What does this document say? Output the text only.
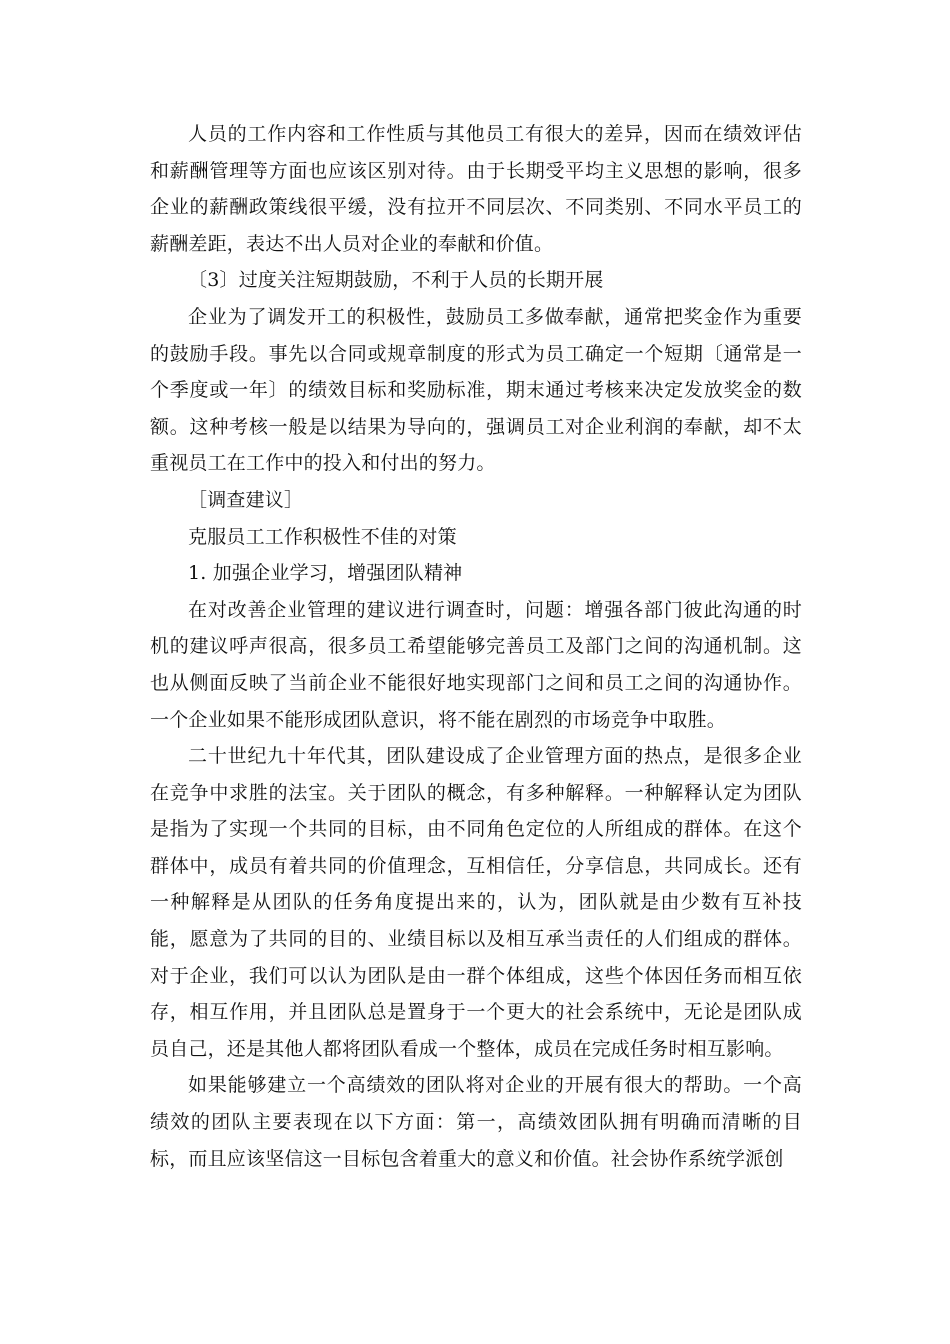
人员的工作内容和工作性质与其他员工有很大的差异，因而在绩效评估和薪酬管理等方面也应该区别对待。由于长期受平均主义思想的影响，很多企业的薪酬政策线很平缓，没有拉开不同层次、不同类别、不同水平员工的薪酬差距，表达不出人员对企业的奉献和价值。

〔3〕过度关注短期鼓励，不利于人员的长期开展

企业为了调发开工的积极性，鼓励员工多做奉献，通常把奖金作为重要的鼓励手段。事先以合同或规章制度的形式为员工确定一个短期〔通常是一个季度或一年〕的绩效目标和奖励标准，期末通过考核来决定发放奖金的数额。这种考核一般是以结果为导向的，强调员工对企业利润的奉献，却不太重视员工在工作中的投入和付出的努力。

［调查建议］

克服员工工作积极性不佳的对策

1. 加强企业学习，增强团队精神

在对改善企业管理的建议进行调查时，问题：增强各部门彼此沟通的时机的建议呼声很高，很多员工希望能够完善员工及部门之间的沟通机制。这也从侧面反映了当前企业不能很好地实现部门之间和员工之间的沟通协作。一个企业如果不能形成团队意识，将不能在剧烈的市场竞争中取胜。

二十世纪九十年代其，团队建设成了企业管理方面的热点，是很多企业在竞争中求胜的法宝。关于团队的概念，有多种解释。一种解释认定为团队是指为了实现一个共同的目标，由不同角色定位的人所组成的群体。在这个群体中，成员有着共同的价值理念，互相信任，分享信息，共同成长。还有一种解释是从团队的任务角度提出来的，认为，团队就是由少数有互补技能，愿意为了共同的目的、业绩目标以及相互承当责任的人们组成的群体。对于企业，我们可以认为团队是由一群个体组成，这些个体因任务而相互依存，相互作用，并且团队总是置身于一个更大的社会系统中，无论是团队成员自己，还是其他人都将团队看成一个整体，成员在完成任务时相互影响。

如果能够建立一个高绩效的团队将对企业的开展有很大的帮助。一个高绩效的团队主要表现在以下方面：第一，高绩效团队拥有明确而清晰的目标，而且应该坚信这一目标包含着重大的意义和价值。社会协作系统学派创
